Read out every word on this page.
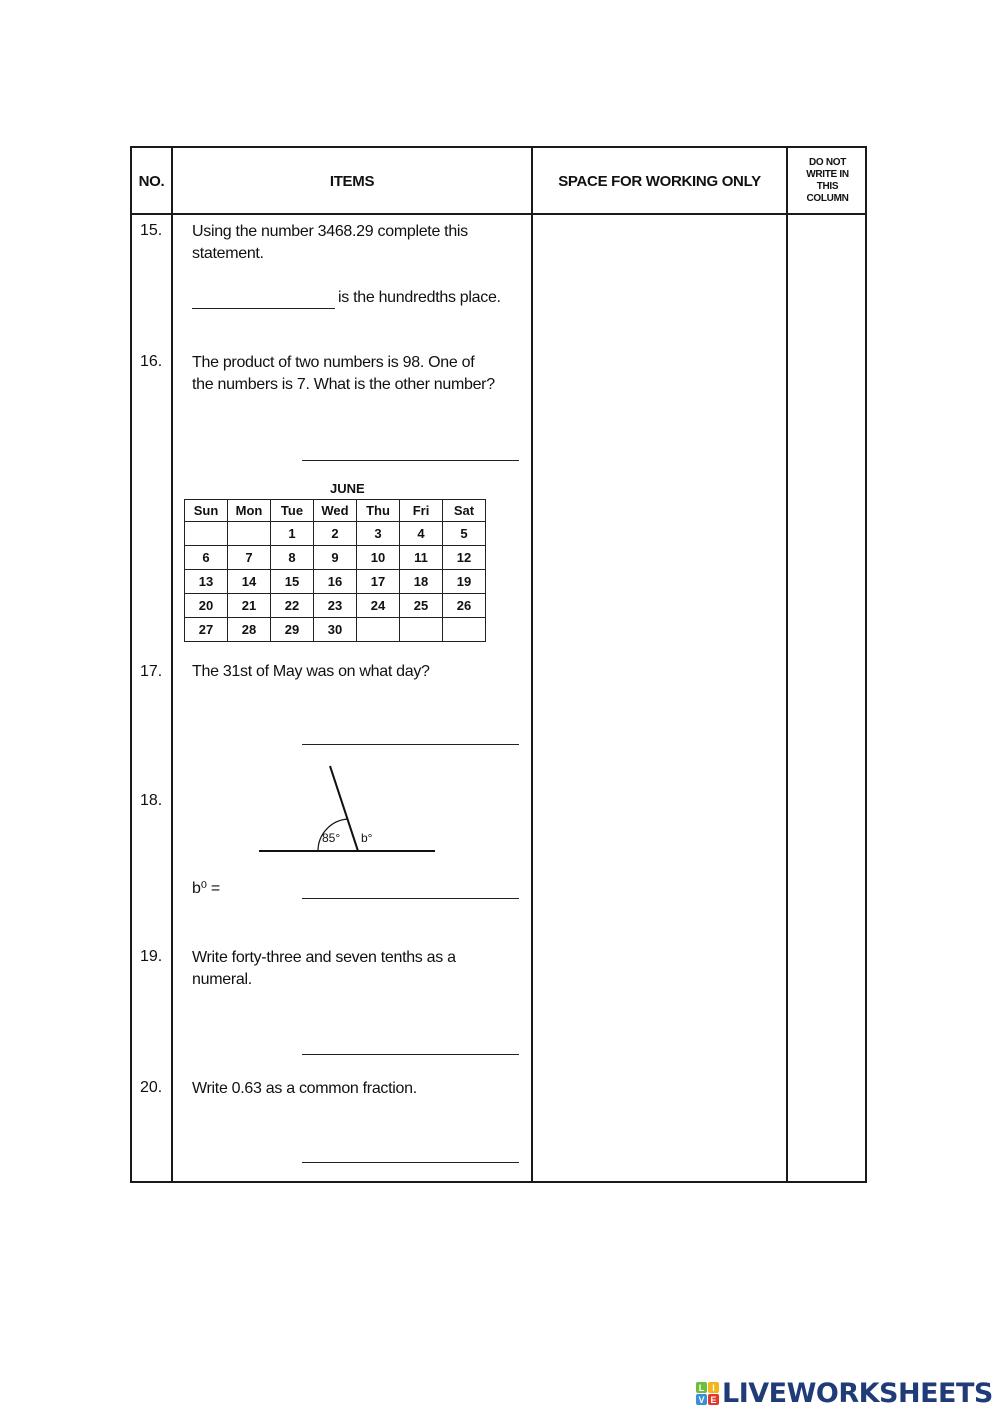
NO.	ITEMS	SPACE FOR WORKING ONLY
DO NOT
WRITE IN
THIS
COLUMN
15. Using the number 3468.29 complete this
statement.
is the hundredths place.
16. The product of two numbers is 98. One of
the numbers is 7. What is the other number?
JUNE
Sun	Mon	Tue	Wed	Thu	Fri	Sat
		1	2	3	4	5
6	7	8	9	10	11	12
13	14	15	16	17	18	19
20	21	22	23	24	25	26
27	28	29	30			
17. The 31st of May was on what day?
18.
85° b°
b⁰ =
19. Write forty-three and seven tenths as a
numeral.
20. Write 0.63 as a common fraction.
L I
V E LIVEWORKSHEETS
